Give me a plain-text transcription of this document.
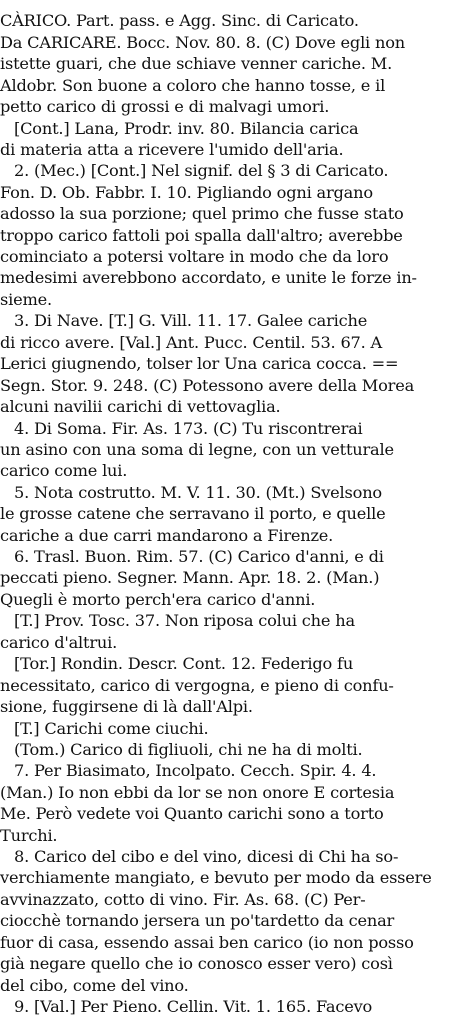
CÀRICO. Part. pass. e Agg. Sinc. di Caricato.
Da CARICARE. Bocc. Nov. 80. 8. (C) Dove egli non
istette guari, che due schiave venner cariche. M.
Aldobr. Son buone a coloro che hanno tosse, e il
petto carico di grossi e di malvagi umori.
[Cont.] Lana, Prodr. inv. 80. Bilancia carica
di materia atta a ricevere l'umido dell'aria.
2. (Mec.) [Cont.] Nel signif. del § 3 di Caricato.
Fon. D. Ob. Fabbr. I. 10. Pigliando ogni argano
adosso la sua porzione; quel primo che fusse stato
troppo carico fattoli poi spalla dall'altro; averebbe
cominciato a potersi voltare in modo che da loro
medesimi averebbono accordato, e unite le forze in-
sieme.
3. Di Nave. [T.] G. Vill. 11. 17. Galee cariche
di ricco avere. [Val.] Ant. Pucc. Centil. 53. 67. A
Lerici giugnendo, tolser lor Una carica cocca. ==
Segn. Stor. 9. 248. (C) Potessono avere della Morea
alcuni navilii carichi di vettovaglia.
4. Di Soma. Fir. As. 173. (C) Tu riscontrerai
un asino con una soma di legne, con un vetturale
carico come lui.
5. Nota costrutto. M. V. 11. 30. (Mt.) Svelsono
le grosse catene che serravano il porto, e quelle
cariche a due carri mandarono a Firenze.
6. Trasl. Buon. Rim. 57. (C) Carico d'anni, e di
peccati pieno. Segner. Mann. Apr. 18. 2. (Man.)
Quegli è morto perch'era carico d'anni.
[T.] Prov. Tosc. 37. Non riposa colui che ha
carico d'altrui.
[Tor.] Rondin. Descr. Cont. 12. Federigo fu
necessitato, carico di vergogna, e pieno di confu-
sione, fuggirsene di là dall'Alpi.
[T.] Carichi come ciuchi.
(Tom.) Carico di figliuoli, chi ne ha di molti.
7. Per Biasimato, Incolpato. Cecch. Spir. 4. 4.
(Man.) Io non ebbi da lor se non onore E cortesia
Me. Però vedete voi Quanto carichi sono a torto
Turchi.
8. Carico del cibo e del vino, dicesi di Chi ha so-
verchiamente mangiato, e bevuto per modo da essere
avvinazzato, cotto di vino. Fir. As. 68. (C) Per-
ciocchè tornando jersera un po'tardetto da cenar
fuor di casa, essendo assai ben carico (io non posso
già negare quello che io conosco esser vero) così
del cibo, come del vino.
9. [Val.] Per Pieno. Cellin. Vit. 1. 165. Facevo
